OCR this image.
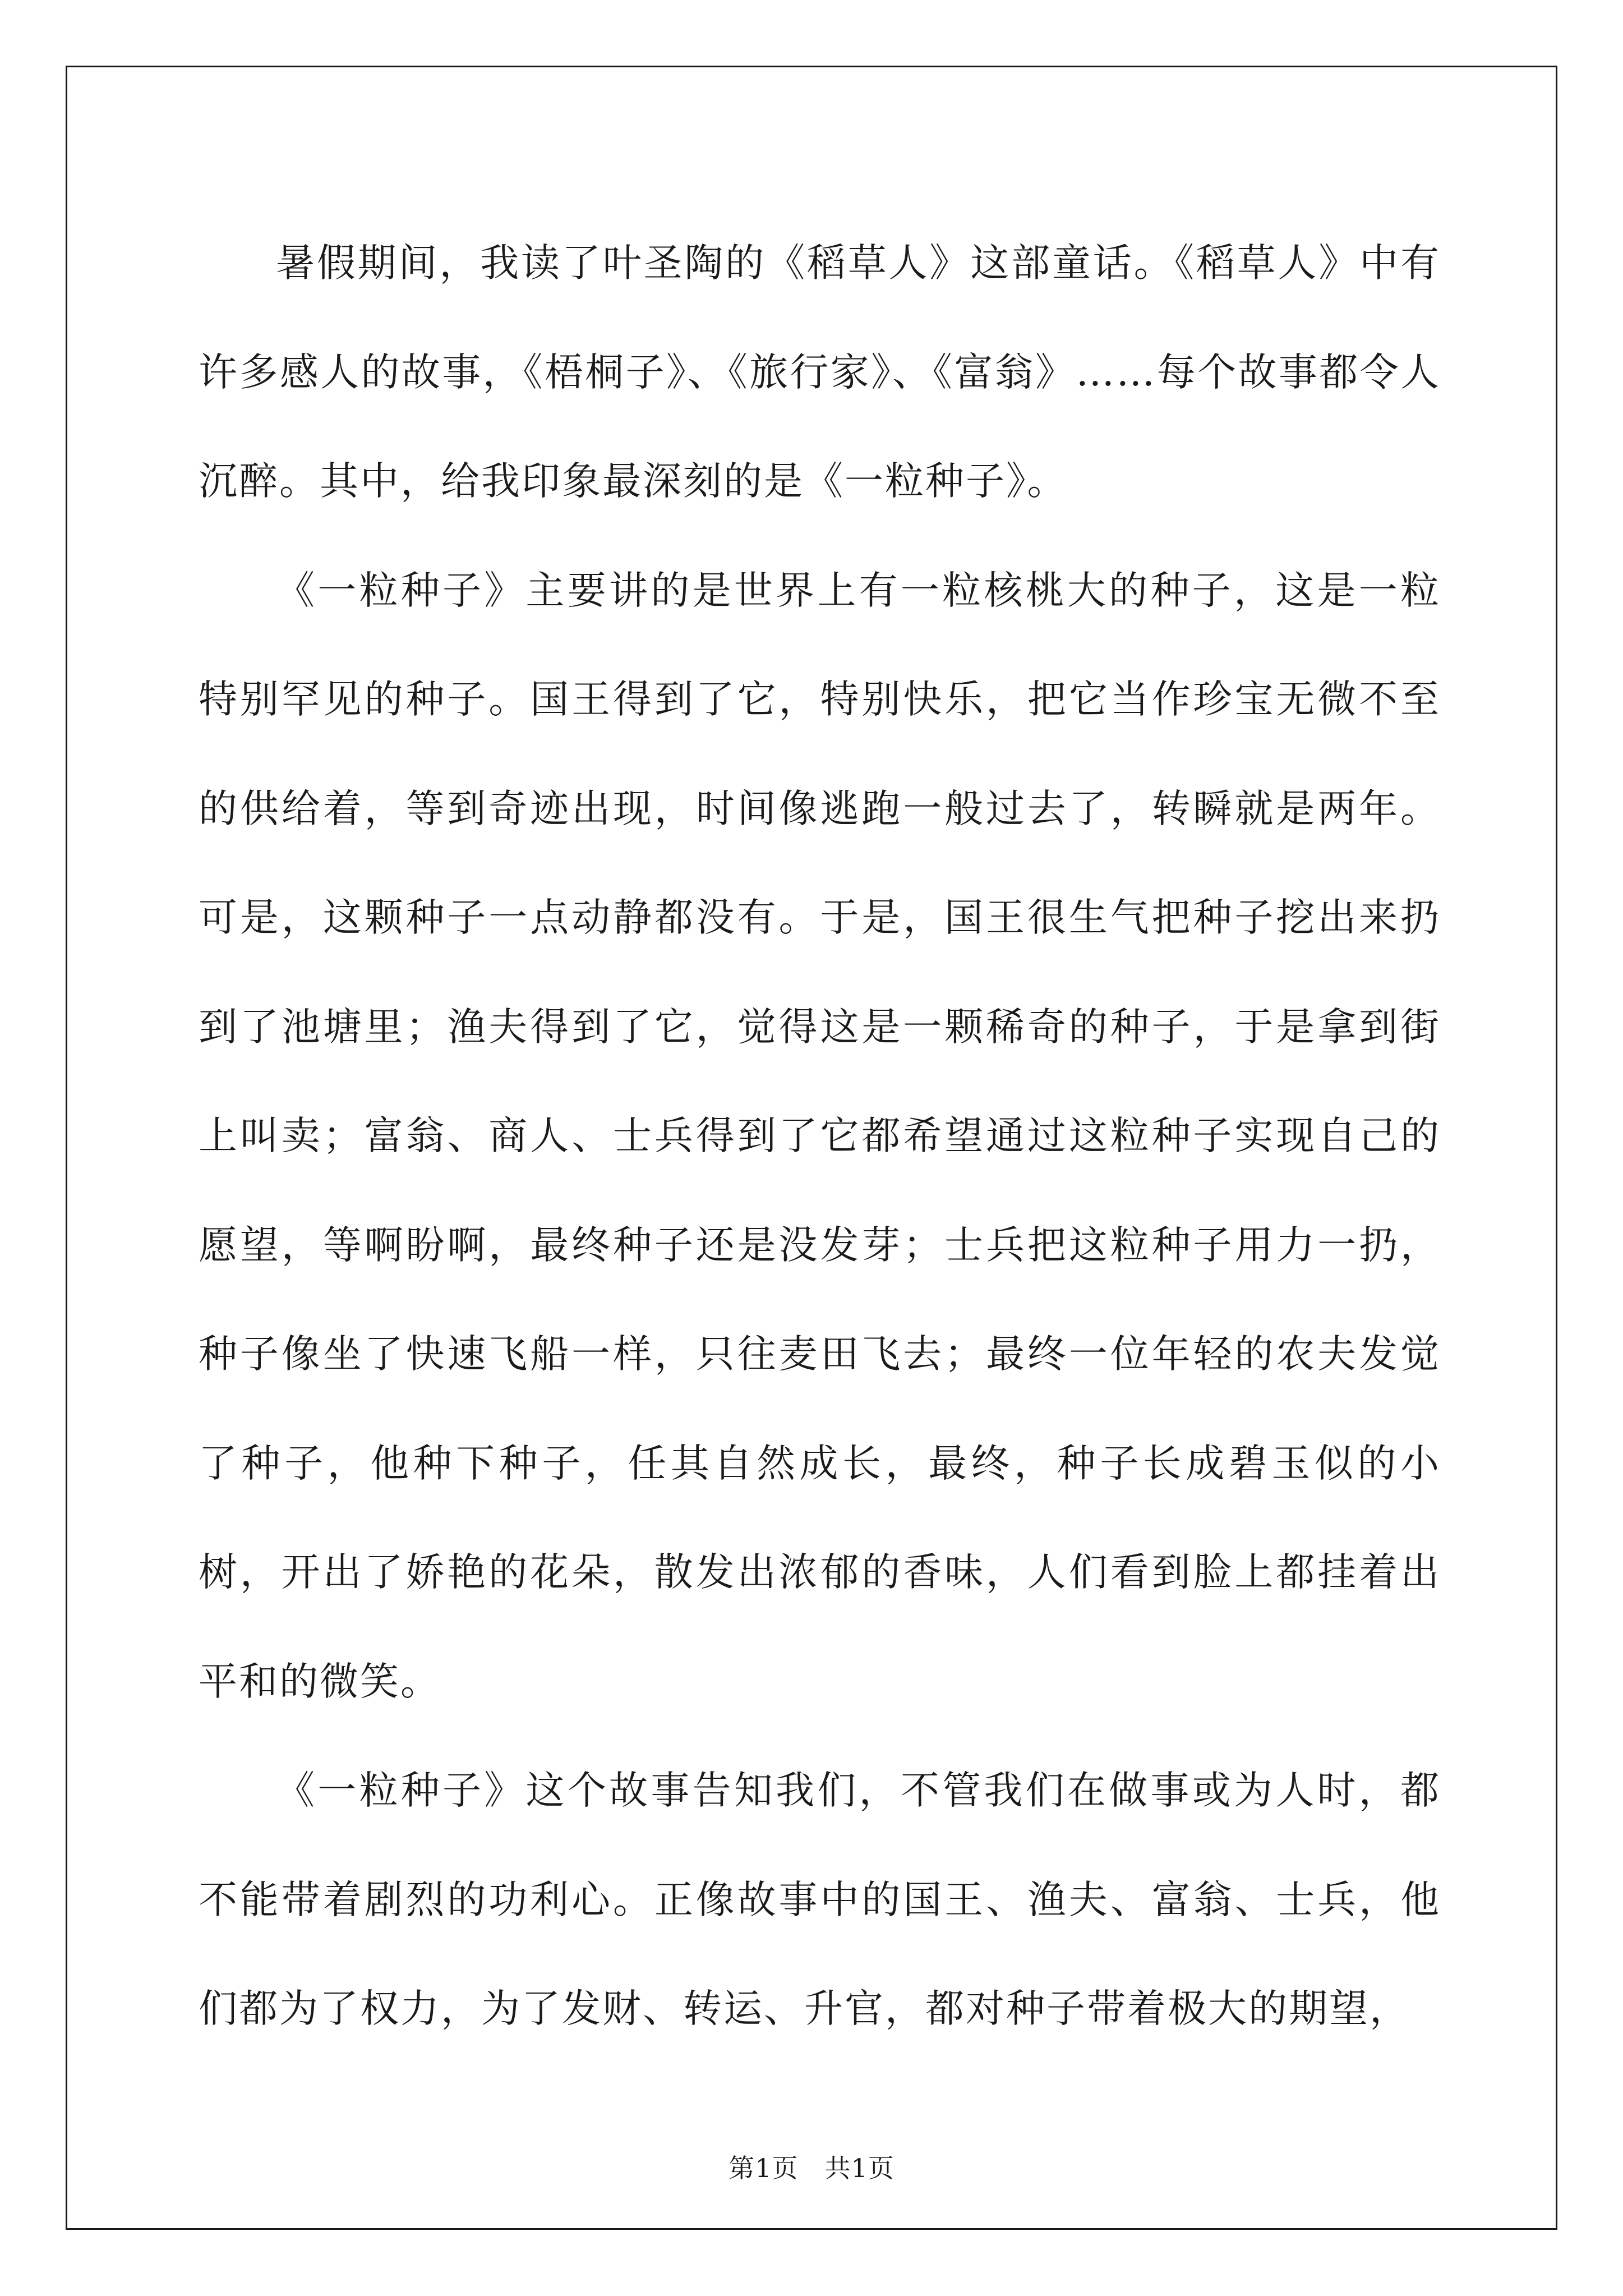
暑假期间，我读了叶圣陶的《稻草人》这部童话。《稻草人》中有许多感人的故事，《梧桐子》、《旅行家》、《富翁》……每个故事都令人沉醉。其中，给我印象最深刻的是《一粒种子》。

《一粒种子》主要讲的是世界上有一粒核桃大的种子，这是一粒特别罕见的种子。国王得到了它，特别快乐，把它当作珍宝无微不至的供给着，等到奇迹出现，时间像逃跑一般过去了，转瞬就是两年。可是，这颗种子一点动静都没有。于是，国王很生气把种子挖出来扔到了池塘里；渔夫得到了它，觉得这是一颗稀奇的种子，于是拿到街上叫卖；富翁、商人、士兵得到了它都希望通过这粒种子实现自己的愿望，等啊盼啊，最终种子还是没发芽；士兵把这粒种子用力一扔，种子像坐了快速飞船一样，只往麦田飞去；最终一位年轻的农夫发觉了种子，他种下种子，任其自然成长，最终，种子长成碧玉似的小树，开出了娇艳的花朵，散发出浓郁的香味，人们看到脸上都挂着出平和的微笑。

《一粒种子》这个故事告知我们，不管我们在做事或为人时，都不能带着剧烈的功利心。正像故事中的国王、渔夫、富翁、士兵，他们都为了权力，为了发财、转运、升官，都对种子带着极大的期望，

第1页　共1页
